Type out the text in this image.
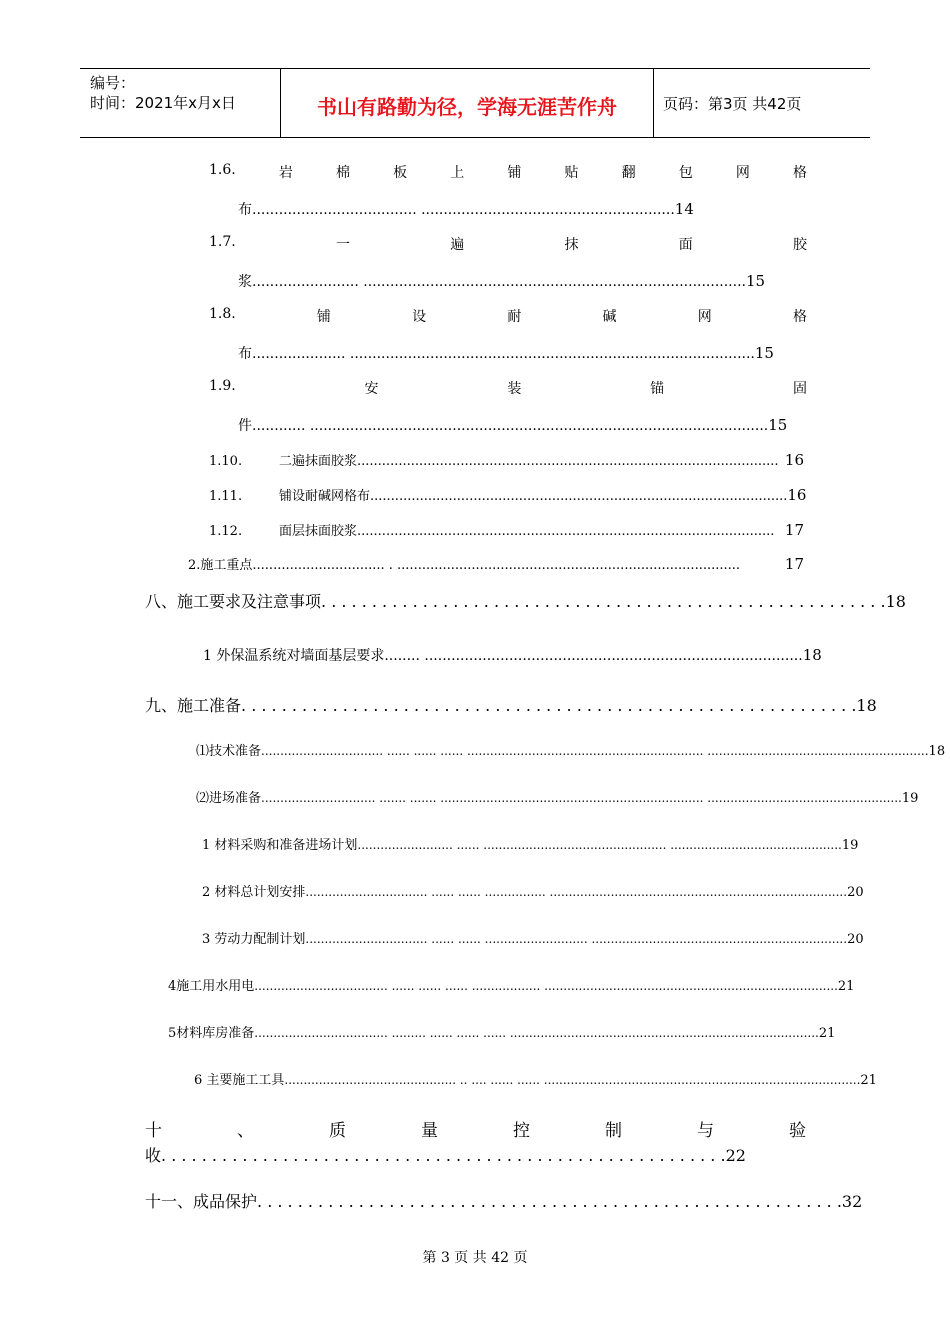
编号：
时间：2021年x月x日	书山有路勤为径，学海无涯苦作舟	页码：第3页 共42页
1.6.	岩	棉	板	上	铺	贴	翻	包	网	格
布 ..................................... ......................................................... 14
1.7.	一	遍	抹	面	胶
浆 ........................ ...................................................................................... 15
1.8.	铺	设	耐	碱	网	格
布 ..................... ........................................................................................... 15
1.9.	安	装	锚	固
件 ............ ....................................................................................................... 15
1.10.	二遍抹面胶浆. ..................................................................................................... 16
1.11.	铺设耐碱网格布 ..................................................................................................... 16
1.12.	面层抹面胶浆 ..................................................................................................... 17
2.施工重点 ................................ . ...................................................................................	17
八、施工要求及注意事项 . . . . . . . . . . . . . . . . . . . . . . . . . . . . . . . . . . . . . . . . . . . . . . . . . . . . . . . . 18
1 外保温系统对墙面基层要求 ........ ..................................................................................... 18
九、施工准备 . . . . . . . . . . . . . . . . . . . . . . . . . . . . . . . . . . . . . . . . . . . . . . . . . . . . . . . . . . . . . 18
⑴技术准备 ................................ ...... ...... ...... .............................................................. .......................................................... 18
⑵进场准备 .............................. ....... ....... ..................................................................... ................................................... 19
1 材料采购和准备进场计划 ......................... ...... ................................................ ............................................. 19
2 材料总计划安排 ................................ ...... ...... ................ .............................................................................. 20
3 劳动力配制计划 ................................ ...... ...... ........................... ................................................................... 20
4施工用水用电 ................................... ...... ...... ...... .................. ............................................................................. 21
5材料库房准备 ................................... ......... ...... ...... ...... ................................................................................. 21
6 主要施工工具 ............................................. .. .... ...... ...... ................................................................................... 21
十	、	质	量	控	制	与	验
收 . . . . . . . . . . . . . . . . . . . . . . . . . . . . . . . . . . . . . . . . . . . . . . . . . . . . . . . . 22
十一、成品保护 . . . . . . . . . . . . . . . . . . . . . . . . . . . . . . . . . . . . . . . . . . . . . . . . . . . . . . . . . . 32
第 3 页 共 42 页
